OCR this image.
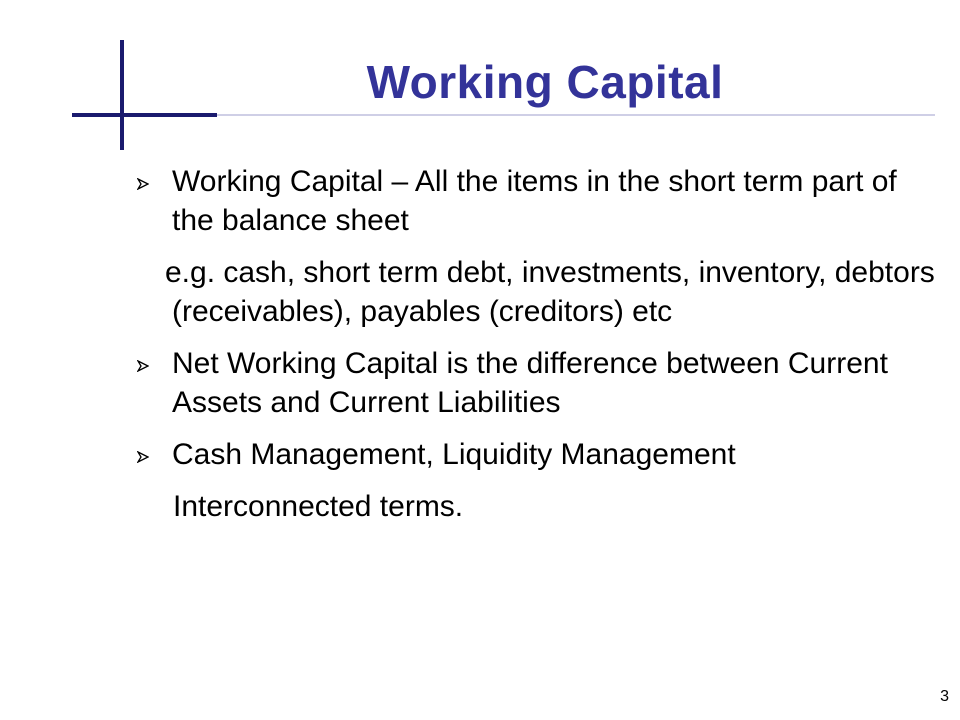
Working Capital
Working Capital – All the items in the short term part of the balance sheet
e.g. cash, short term debt, investments, inventory, debtors (receivables), payables (creditors) etc
Net Working Capital is the difference between Current Assets and Current Liabilities
Cash Management, Liquidity Management
Interconnected terms.
3
